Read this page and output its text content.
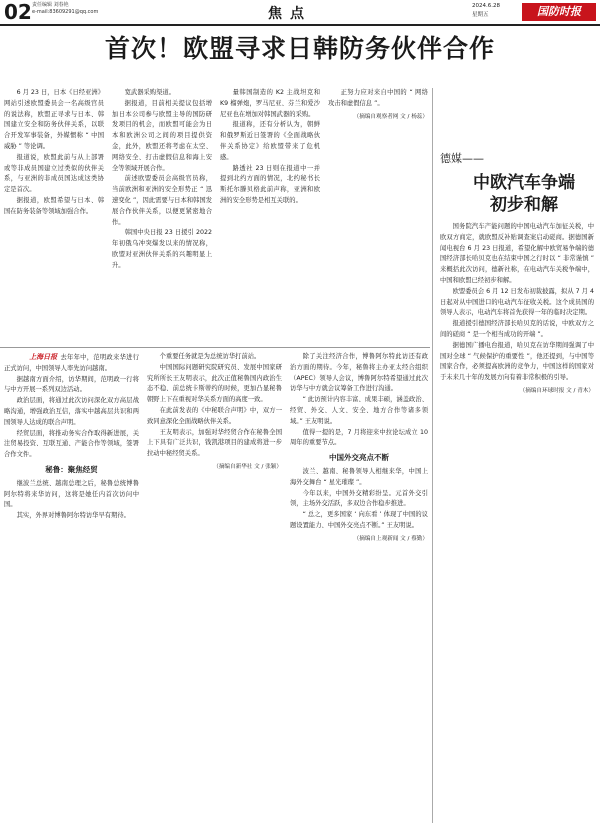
02 责任编辑 刘春艳
e-mail:83609291@qq.com	焦点	2024.6.28
星期五	国防时报
首次！欧盟寻求日韩防务伙伴合作

6 月 23 日，日本《日经亚洲》网站引述欧盟委员会一名高级官员的说法称，欧盟正寻求与日本、韩国建立安全和防务伙伴关系，以联合开发军事装备，外媒惯称 “ 中国威胁 ” 等论调。

报道说，欧盟此前与从上部署或等非成员国建立过类似的伙伴关系，与亚洲的非成员国达成这类协定是首次。

据报道，欧盟希望与日本、韩国在防务装备等领域加强合作。

宽武器采购渠道。

据报道，目前相关提议包括增加日本公司参与欧盟主导的国防研发项目的机会，而欧盟可能会为日本和欧洲公司之间的项目提供资金，此外，欧盟还将考虑在太空、网络安全、打击虚假信息和海上安全等领域开展合作。

前述欧盟委员会高级官员称，当前欧洲和亚洲的安全形势正 “ 迅速变化 ”，因此需要与日本和韩国发展合作伙伴关系，以便更紧密地合作。

韩国中央日报 23 日援引 2022 年初俄乌冲突爆发以来的情况称，欧盟对亚洲伙伴关系的兴趣明显上升。

量韩国制造的 K2 主战坦克和 K9 榴弹炮，罗马尼亚、芬兰和爱沙尼亚也在增加对韩国武器的采购。

报道称，还有分析认为，朝鲜和俄罗斯近日签署的《全面战略伙伴关系协定》给欧盟带来了危机感。

路透社 23 日则在报道中一并提到北约方面的情况，北约秘书长斯托尔滕贝格此前声称，亚洲和欧洲的安全形势是相互关联的。

正努力应对来自中国的 “ 网络攻击和虚假信息 ”。

（摘编自观察者网 文 / 杨蕊）

上海日报 去年年中，范明政来华进行正式访问，中国领导人率先访问越南。

据越南方面介绍，访华期间，范明政一行将与中方开展一系列双边活动。

政治层面，将通过此次访问深化双方高层战略沟通，增强政治互信，落实中越高层共识和两国领导人达成的联合声明。

经贸层面，将推动务实合作取得新进展，关注贸易投资、互联互通、产能合作等领域，签署合作文件。

秘鲁：聚焦经贸

继波兰总统、越南总理之后，秘鲁总统博鲁阿尔特将来华访问，这将是她任内首次访问中国。

其实，外界对博鲁阿尔特访华早有期待。

个重要任务就是为总统访华打前站。

中国国际问题研究院研究员、发展中国家研究所所长王友明表示，此次正值秘鲁国内政治生态不稳、前总统卡斯蒂约的时候，更加凸显秘鲁朝野上下在重视对华关系方面的高度一致。

在此前发表的《中秘联合声明》中，双方一致同意深化全面战略伙伴关系。

王友明表示，加强对华经贸合作在秘鲁全国上下具有广泛共识，钱凯港项目的建成将进一步拉动中秘经贸关系。

（摘编自新华社 文 / 张颖）

除了关注经济合作，博鲁阿尔特此访还有政治方面的期待。今年，秘鲁将主办亚太经合组织（APEC）领导人会议，博鲁阿尔特希望通过此次访华与中方就会议筹备工作进行沟通。

“ 此访预计内容丰富、成果丰硕，涵盖政治、经贸、外交、人文、安全、地方合作等诸多领域。” 王友明说。

值得一提的是，7 月将迎来中拉论坛成立 10 周年的重要节点。

中国外交亮点不断

波兰、越南、秘鲁领导人相继来华，中国上海外交舞台 “ 星光璀璨 ”。

今年以来，中国外交精彩纷呈。元首外交引领，主场外交活跃，多双边合作稳步推进。

“ 总之，更多国家 ‘ 向东看 ’ 体现了中国的议题设置能力、中国外交亮点不断。” 王友明说。

（摘编自上观新闻 文 / 蔡勤）
德媒——
中欧汽车争端
初步和解

国务院汽车产能问题的中国电动汽车加征关税，中欧双方商定，就欧盟反补贴调查案启动磋商。据德国新闻电视台 6 月 23 日报道，希望化解中欧贸易争端的德国经济部长哈贝克也在结束中国之行时以 “ 非常谨慎 ” 来概括此次访问，德新社称，在电动汽车关税争端中，中国和欧盟已经初步和解。

欧盟委员会 6 月 12 日发布初裁披露，拟从 7 月 4 日起对从中国进口的电动汽车征收关税。这个成员国的领导人表示，电动汽车将首先获得一年的临时决定期。

报道援引德国经济部长哈贝克的话说，中欧双方之间的磋商 “ 是一个相当成功的开端 ”。

据德国广播电台报道，哈贝克在访华期间强调了中国对全球 “ 气候保护的重要性 ”，他还提到，与中国等国家合作，必须提高欧洲的竞争力，中国这样的国家对于未来几十年的发展方向有着非常积极的引导。

（摘编自环球时报 文 / 青木）
